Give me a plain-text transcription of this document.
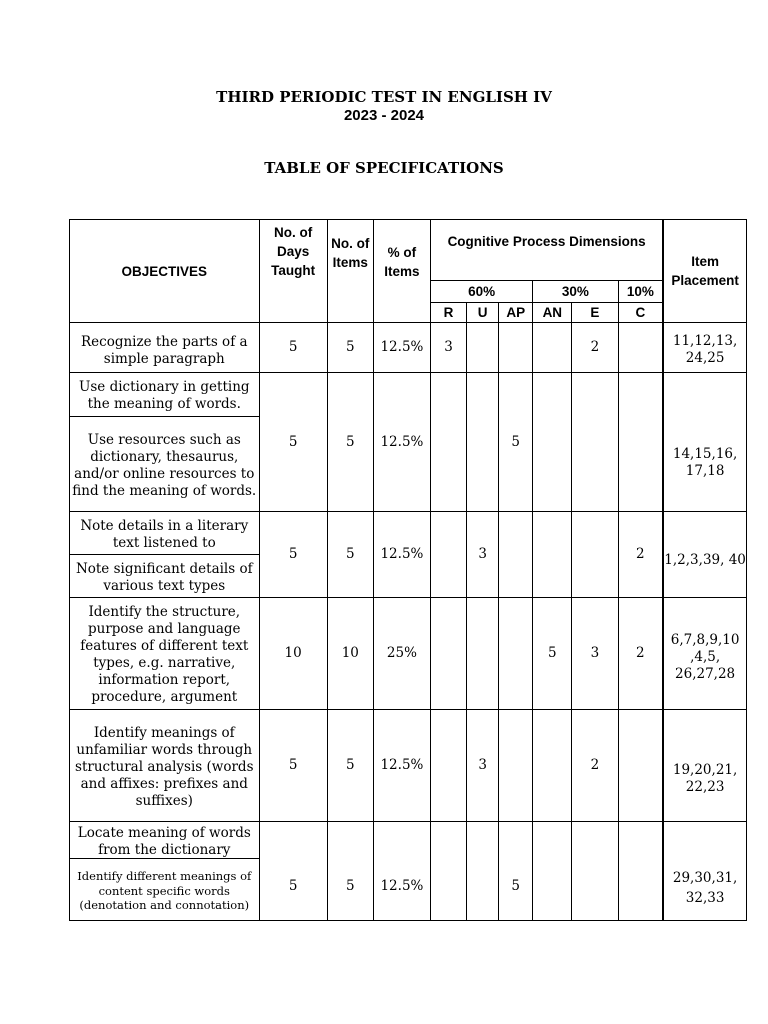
THIRD PERIODIC TEST IN ENGLISH IV
2023 - 2024
TABLE OF SPECIFICATIONS
OBJECTIVES	No. of Days Taught	No. of Items	% of Items	Cognitive Process Dimensions						Item Placement
				60%			30%		10%	
				R	U	AP	AN	E	C	
Recognize the parts of a simple paragraph	5	5	12.5%	3				2		11,12,13, 24,25
Use dictionary in getting the meaning of words.	5	5	12.5%			5				14,15,16, 17,18
Use resources such as dictionary, thesaurus, and/or online resources to find the meaning of words.										
Note details in a literary text listened to	5	5	12.5%		3				2	1,2,3,39, 40
Note significant details of various text types										
Identify the structure, purpose and language features of different text types, e.g. narrative, information report, procedure, argument	10	10	25%				5	3	2	6,7,8,9,10 ,4,5, 26,27,28
Identify meanings of unfamiliar words through structural analysis (words and affixes: prefixes and suffixes)	5	5	12.5%		3			2		19,20,21, 22,23

Locate meaning of words from the dictionary	5	5	12.5%			5				29,30,31, 32,33
Identify different meanings of content specific words (denotation and connotation)										
